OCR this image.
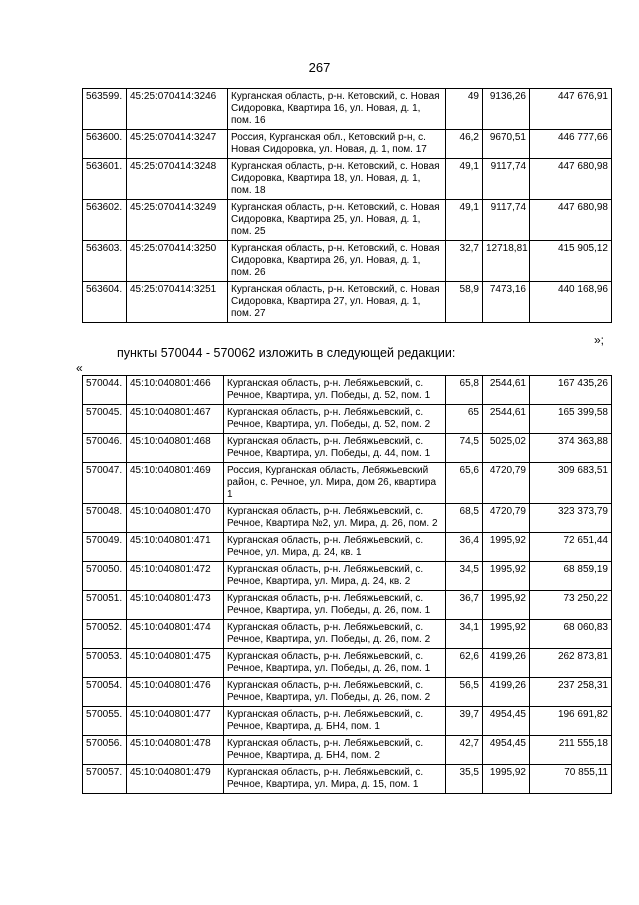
267
563599.	45:25:070414:3246	Курганская область, р-н. Кетовский, с. Новая Сидоровка, Квартира 16, ул. Новая, д. 1, пом. 16	49	9136,26	447 676,91
563600.	45:25:070414:3247	Россия, Курганская обл., Кетовский р-н, с. Новая Сидоровка, ул. Новая, д. 1, пом. 17	46,2	9670,51	446 777,66
563601.	45:25:070414:3248	Курганская область, р-н. Кетовский, с. Новая Сидоровка, Квартира 18, ул. Новая, д. 1, пом. 18	49,1	9117,74	447 680,98
563602.	45:25:070414:3249	Курганская область, р-н. Кетовский, с. Новая Сидоровка, Квартира 25, ул. Новая, д. 1, пом. 25	49,1	9117,74	447 680,98
563603.	45:25:070414:3250	Курганская область, р-н. Кетовский, с. Новая Сидоровка, Квартира 26, ул. Новая, д. 1, пом. 26	32,7	12718,81	415 905,12
563604.	45:25:070414:3251	Курганская область, р-н. Кетовский, с. Новая Сидоровка, Квартира 27, ул. Новая, д. 1, пом. 27	58,9	7473,16	440 168,96
»;
пункты 570044 - 570062 изложить в следующей редакции:
«
570044.	45:10:040801:466	Курганская область, р-н. Лебяжьевский, с. Речное, Квартира, ул. Победы, д. 52, пом. 1	65,8	2544,61	167 435,26
570045.	45:10:040801:467	Курганская область, р-н. Лебяжьевский, с. Речное, Квартира, ул. Победы, д. 52, пом. 2	65	2544,61	165 399,58
570046.	45:10:040801:468	Курганская область, р-н. Лебяжьевский, с. Речное, Квартира, ул. Победы, д. 44, пом. 1	74,5	5025,02	374 363,88
570047.	45:10:040801:469	Россия, Курганская область, Лебяжьевский район, с. Речное, ул. Мира, дом 26, квартира 1	65,6	4720,79	309 683,51
570048.	45:10:040801:470	Курганская область, р-н. Лебяжьевский, с. Речное, Квартира №2, ул. Мира, д. 26, пом. 2	68,5	4720,79	323 373,79
570049.	45:10:040801:471	Курганская область, р-н. Лебяжьевский, с. Речное, ул. Мира, д. 24, кв. 1	36,4	1995,92	72 651,44
570050.	45:10:040801:472	Курганская область, р-н. Лебяжьевский, с. Речное, Квартира, ул. Мира, д. 24, кв. 2	34,5	1995,92	68 859,19
570051.	45:10:040801:473	Курганская область, р-н. Лебяжьевский, с. Речное, Квартира, ул. Победы, д. 26, пом. 1	36,7	1995,92	73 250,22
570052.	45:10:040801:474	Курганская область, р-н. Лебяжьевский, с. Речное, Квартира, ул. Победы, д. 26, пом. 2	34,1	1995,92	68 060,83
570053.	45:10:040801:475	Курганская область, р-н. Лебяжьевский, с. Речное, Квартира, ул. Победы, д. 26, пом. 1	62,6	4199,26	262 873,81
570054.	45:10:040801:476	Курганская область, р-н. Лебяжьевский, с. Речное, Квартира, ул. Победы, д. 26, пом. 2	56,5	4199,26	237 258,31
570055.	45:10:040801:477	Курганская область, р-н. Лебяжьевский, с. Речное, Квартира, д. БН4, пом. 1	39,7	4954,45	196 691,82
570056.	45:10:040801:478	Курганская область, р-н. Лебяжьевский, с. Речное, Квартира, д. БН4, пом. 2	42,7	4954,45	211 555,18
570057.	45:10:040801:479	Курганская область, р-н. Лебяжьевский, с. Речное, Квартира, ул. Мира, д. 15, пом. 1	35,5	1995,92	70 855,11
